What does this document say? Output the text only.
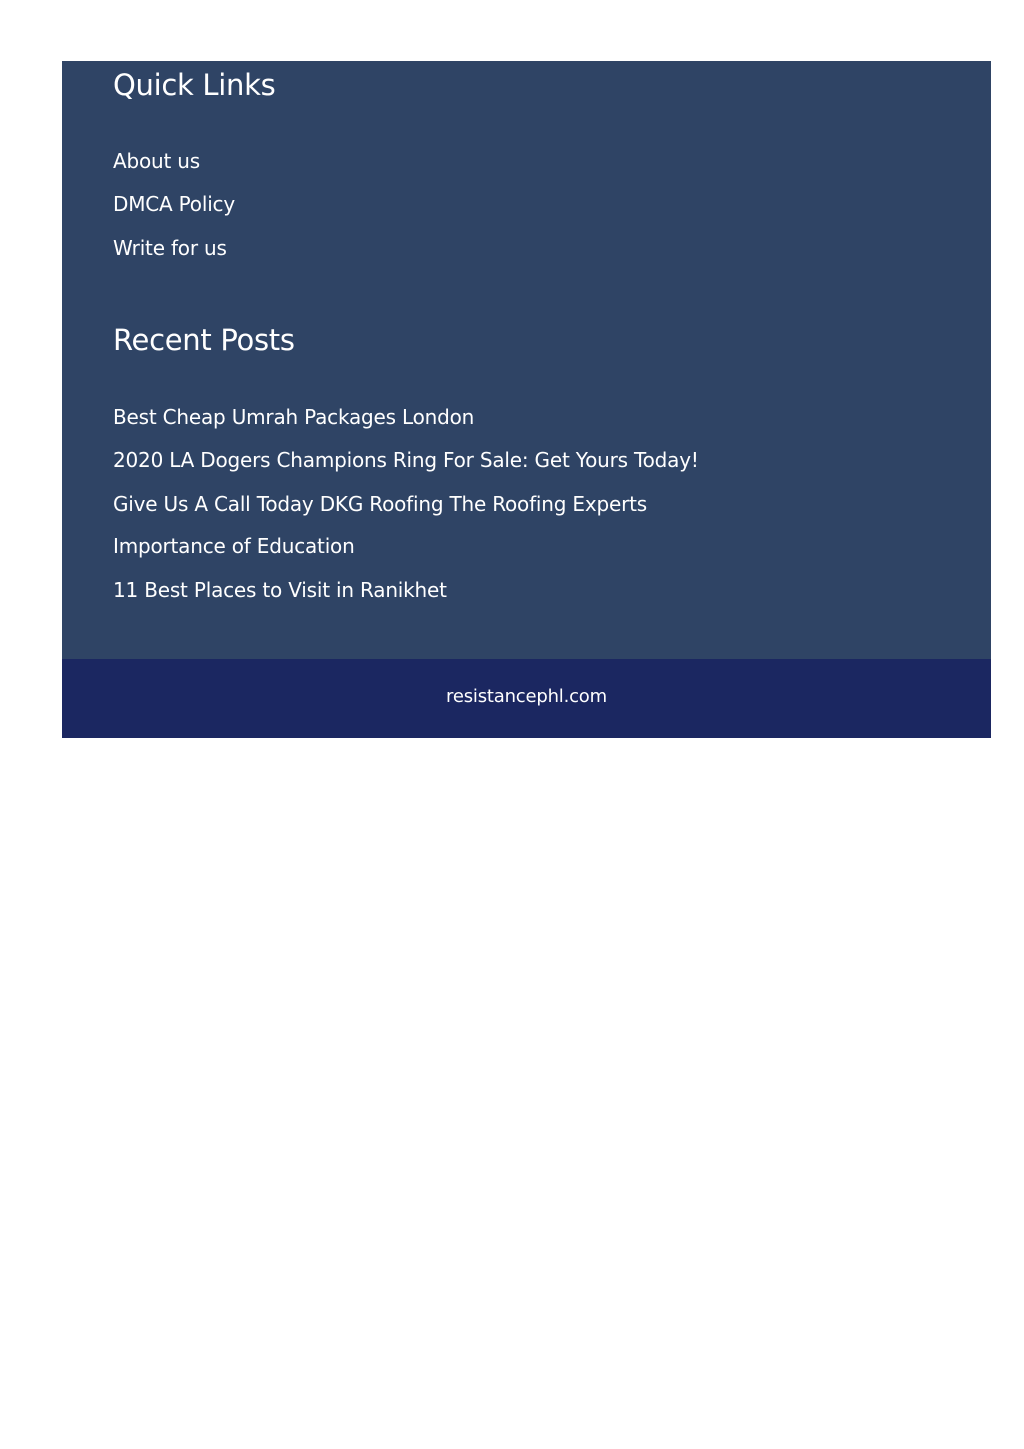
Quick Links
About us
DMCA Policy
Write for us
Recent Posts
Best Cheap Umrah Packages London
2020 LA Dogers Champions Ring For Sale: Get Yours Today!
Give Us A Call Today DKG Roofing The Roofing Experts
Importance of Education
11 Best Places to Visit in Ranikhet
resistancephl.com
